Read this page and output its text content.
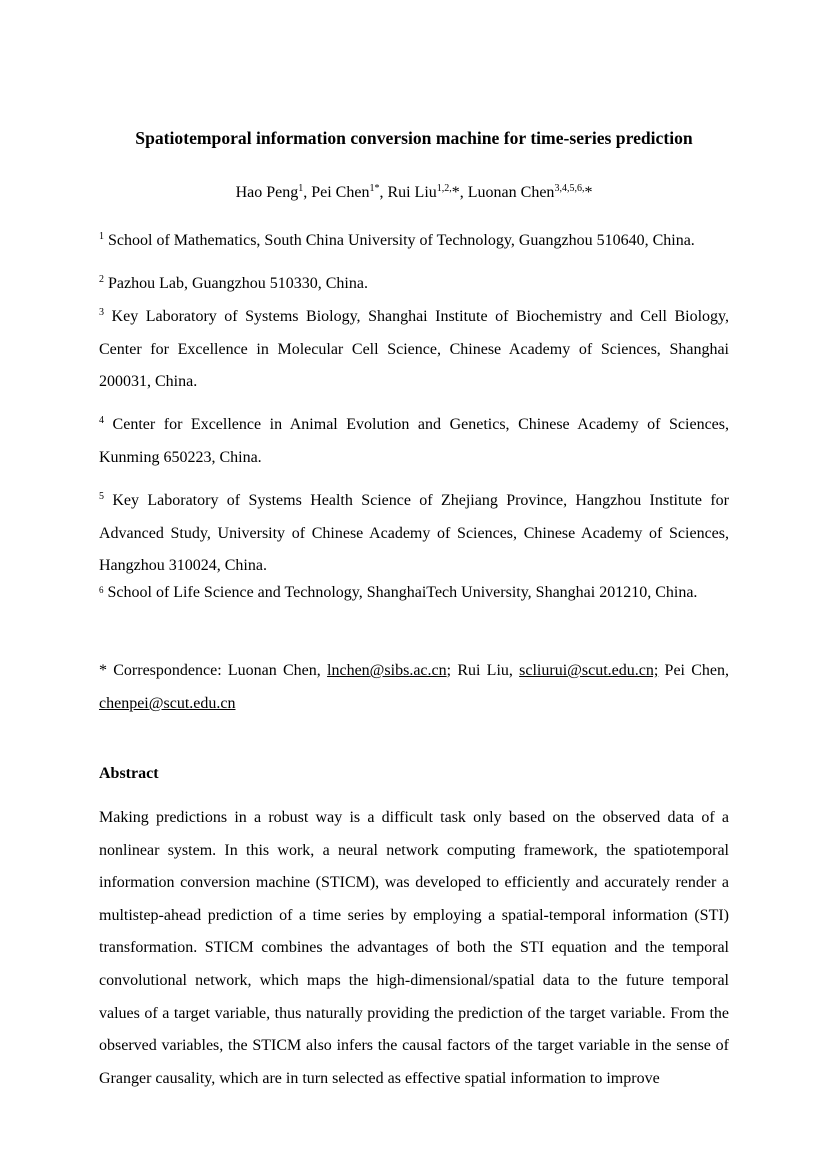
Spatiotemporal information conversion machine for time-series prediction
Hao Peng$^1$, Pei Chen$^{1*}$, Rui Liu$^{1,2,}$*, Luonan Chen$^{3,4,5,6,}$*
$^1$ School of Mathematics, South China University of Technology, Guangzhou 510640, China.
$^2$ Pazhou Lab, Guangzhou 510330, China.
$^3$ Key Laboratory of Systems Biology, Shanghai Institute of Biochemistry and Cell Biology, Center for Excellence in Molecular Cell Science, Chinese Academy of Sciences, Shanghai 200031, China.
$^4$ Center for Excellence in Animal Evolution and Genetics, Chinese Academy of Sciences, Kunming 650223, China.
$^5$ Key Laboratory of Systems Health Science of Zhejiang Province, Hangzhou Institute for Advanced Study, University of Chinese Academy of Sciences, Chinese Academy of Sciences, Hangzhou 310024, China.
$^6$ School of Life Science and Technology, ShanghaiTech University, Shanghai 201210, China.
* Correspondence: Luonan Chen, lnchen@sibs.ac.cn; Rui Liu, scliurui@scut.edu.cn; Pei Chen, chenpei@scut.edu.cn
Abstract
Making predictions in a robust way is a difficult task only based on the observed data of a nonlinear system. In this work, a neural network computing framework, the spatiotemporal information conversion machine (STICM), was developed to efficiently and accurately render a multistep-ahead prediction of a time series by employing a spatial-temporal information (STI) transformation. STICM combines the advantages of both the STI equation and the temporal convolutional network, which maps the high-dimensional/spatial data to the future temporal values of a target variable, thus naturally providing the prediction of the target variable. From the observed variables, the STICM also infers the causal factors of the target variable in the sense of Granger causality, which are in turn selected as effective spatial information to improve
